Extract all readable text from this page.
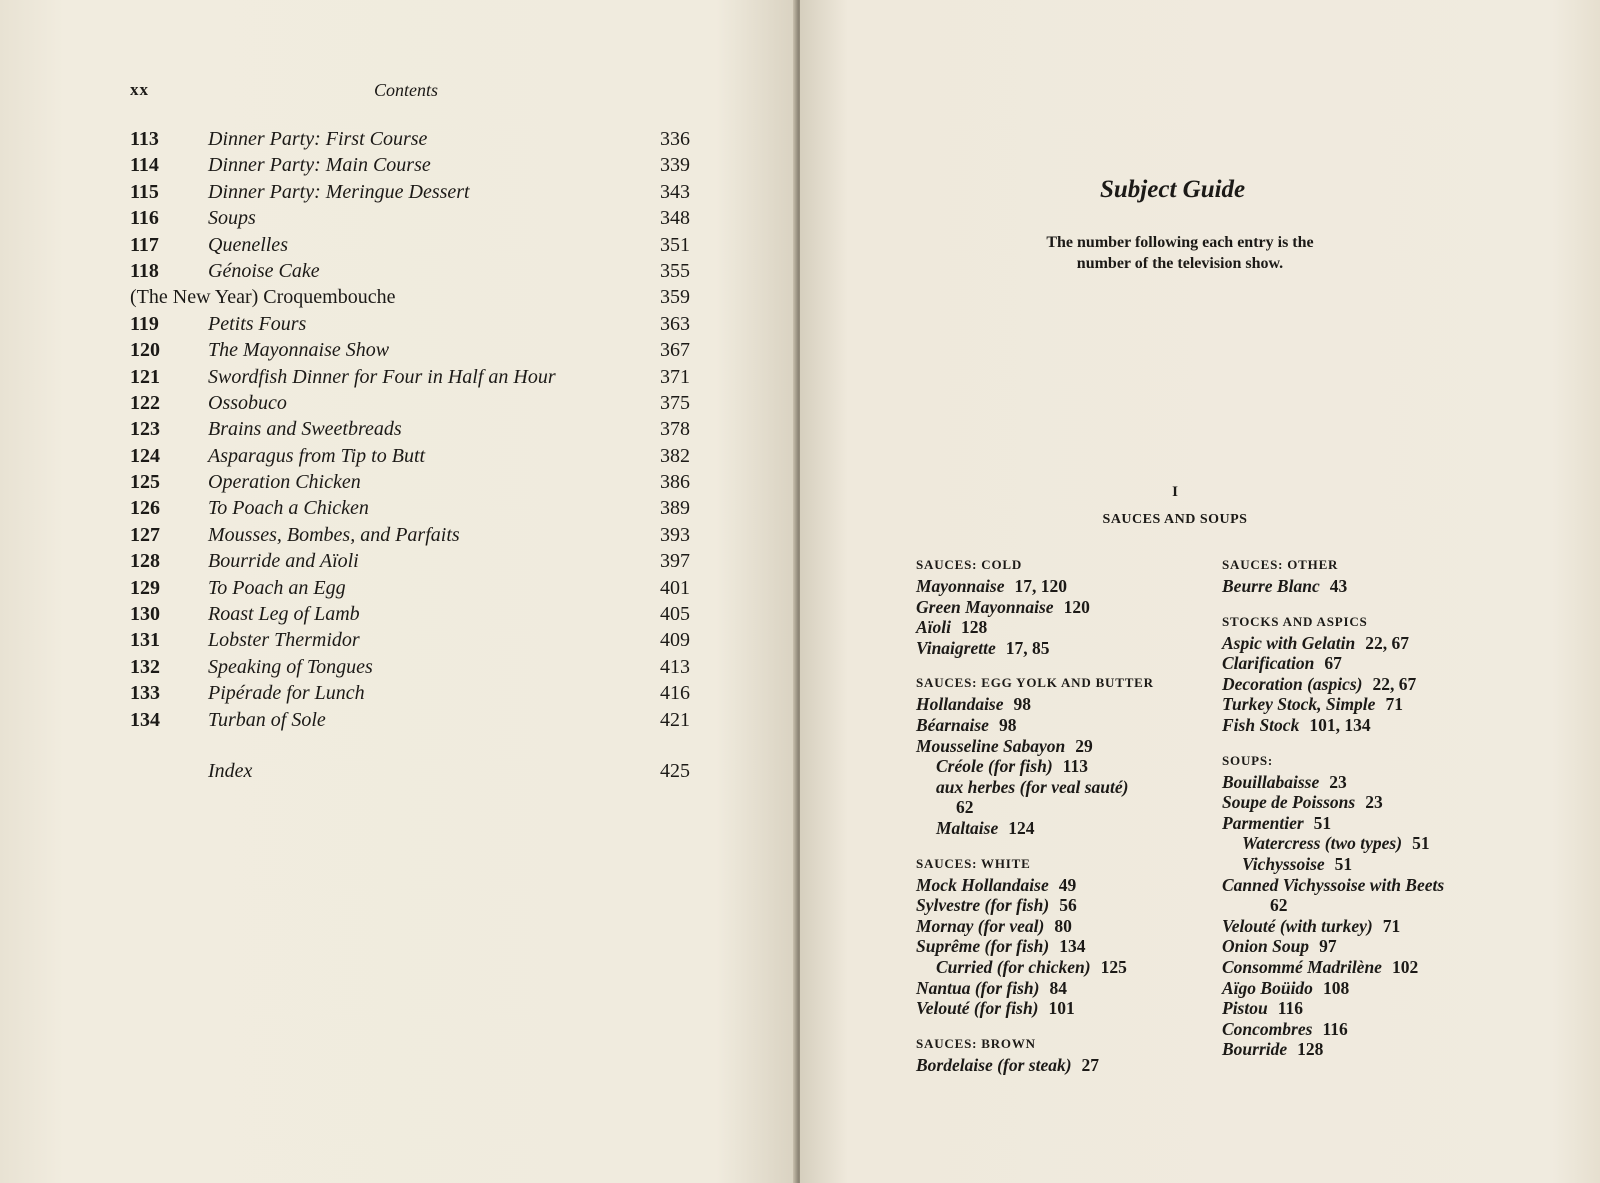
xx	Contents
113 Dinner Party: First Course	336
114 Dinner Party: Main Course	339
115 Dinner Party: Meringue Dessert	343
116 Soups	348
117 Quenelles	351
118 Génoise Cake	355
(The New Year) Croquembouche	359
119 Petits Fours	363
120 The Mayonnaise Show	367
121 Swordfish Dinner for Four in Half an Hour	371
122 Ossobuco	375
123 Brains and Sweetbreads	378
124 Asparagus from Tip to Butt	382
125 Operation Chicken	386
126 To Poach a Chicken	389
127 Mousses, Bombes, and Parfaits	393
128 Bourride and Aïoli	397
129 To Poach an Egg	401
130 Roast Leg of Lamb	405
131 Lobster Thermidor	409
132 Speaking of Tongues	413
133 Pipérade for Lunch	416
134 Turban of Sole	421
Index	425
Subject Guide
The number following each entry is the
number of the television show.
I
SAUCES AND SOUPS
SAUCES: COLD
Mayonnaise 17, 120
Green Mayonnaise 120
Aïoli 128
Vinaigrette 17, 85
SAUCES: EGG YOLK AND BUTTER
Hollandaise 98
Béarnaise 98
Mousseline Sabayon 29
Créole (for fish) 113
aux herbes (for veal sauté)
62
Maltaise 124
SAUCES: WHITE
Mock Hollandaise 49
Sylvestre (for fish) 56
Mornay (for veal) 80
Suprême (for fish) 134
Curried (for chicken) 125
Nantua (for fish) 84
Velouté (for fish) 101
SAUCES: BROWN
Bordelaise (for steak) 27
SAUCES: OTHER
Beurre Blanc 43
STOCKS AND ASPICS
Aspic with Gelatin 22, 67
Clarification 67
Decoration (aspics) 22, 67
Turkey Stock, Simple 71
Fish Stock 101, 134
SOUPS:
Bouillabaisse 23
Soupe de Poissons 23
Parmentier 51
Watercress (two types) 51
Vichyssoise 51
Canned Vichyssoise with Beets
62
Velouté (with turkey) 71
Onion Soup 97
Consommé Madrilène 102
Aïgo Boüido 108
Pistou 116
Concombres 116
Bourride 128
